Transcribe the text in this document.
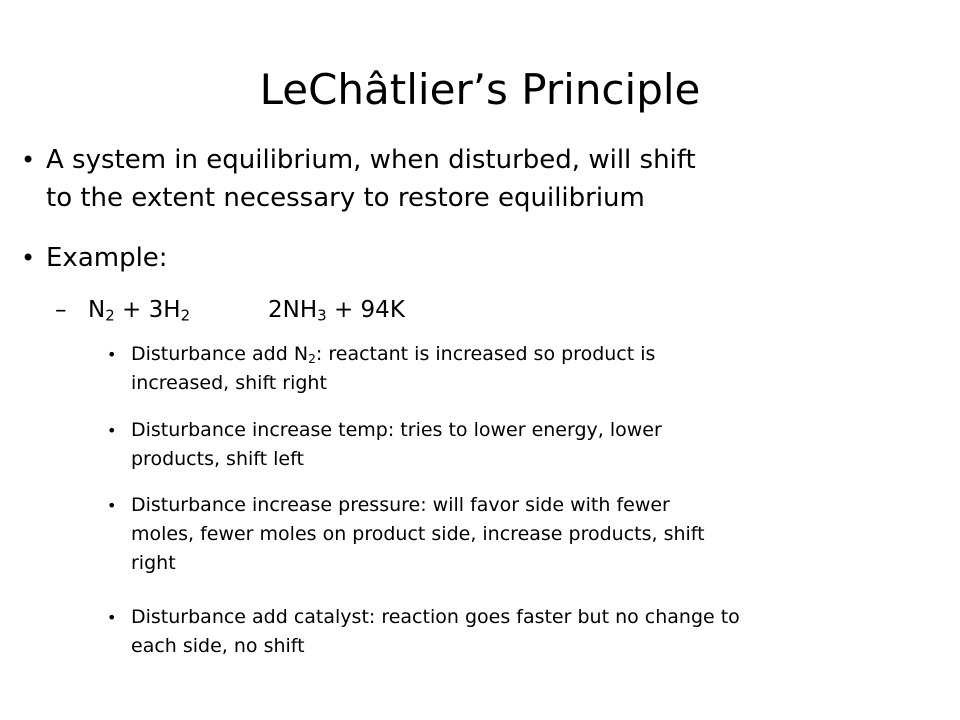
LeChâtlier’s Principle
• A system in equilibrium, when disturbed, will shift
to the extent necessary to restore equilibrium
• Example:
– $N_2 + 3H_2$	$2NH_3 + 94K$
• Disturbance add $N_2$: reactant is increased so product is
increased, shift right
• Disturbance increase temp: tries to lower energy, lower
products, shift left
• Disturbance increase pressure: will favor side with fewer
moles, fewer moles on product side, increase products, shift
right
• Disturbance add catalyst: reaction goes faster but no change to
each side, no shift
